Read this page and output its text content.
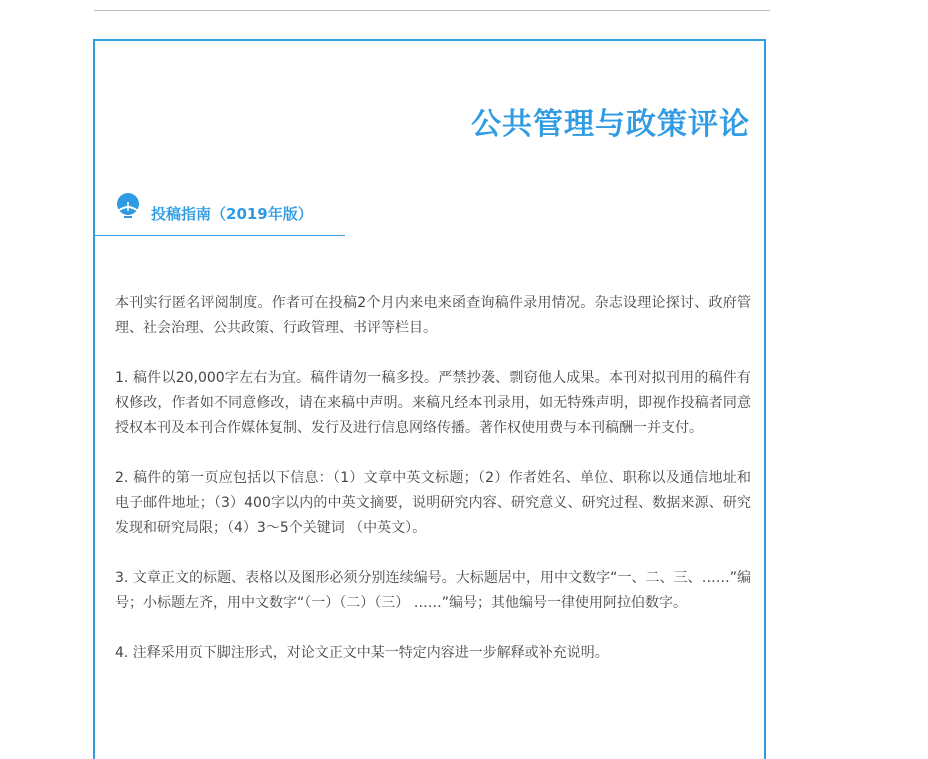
公共管理与政策评论
投稿指南（2019年版）

本刊实行匿名评阅制度。作者可在投稿2个月内来电来函查询稿件录用情况。杂志设理论探讨、政府管理、社会治理、公共政策、行政管理、书评等栏目。

1. 稿件以20,000字左右为宜。稿件请勿一稿多投。严禁抄袭、剽窃他人成果。本刊对拟刊用的稿件有权修改，作者如不同意修改，请在来稿中声明。来稿凡经本刊录用，如无特殊声明，即视作投稿者同意授权本刊及本刊合作媒体复制、发行及进行信息网络传播。著作权使用费与本刊稿酬一并支付。

2. 稿件的第一页应包括以下信息：（1）文章中英文标题；（2）作者姓名、单位、职称以及通信地址和电子邮件地址；（3）400字以内的中英文摘要，说明研究内容、研究意义、研究过程、数据来源、研究发现和研究局限；（4）3～5个关键词 （中英文）。

3. 文章正文的标题、表格以及图形必须分别连续编号。大标题居中，用中文数字“一、二、三、……”编号；小标题左齐，用中文数字“（一）（二）（三） ……”编号；其他编号一律使用阿拉伯数字。

4. 注释采用页下脚注形式，对论文正文中某一特定内容进一步解释或补充说明。
